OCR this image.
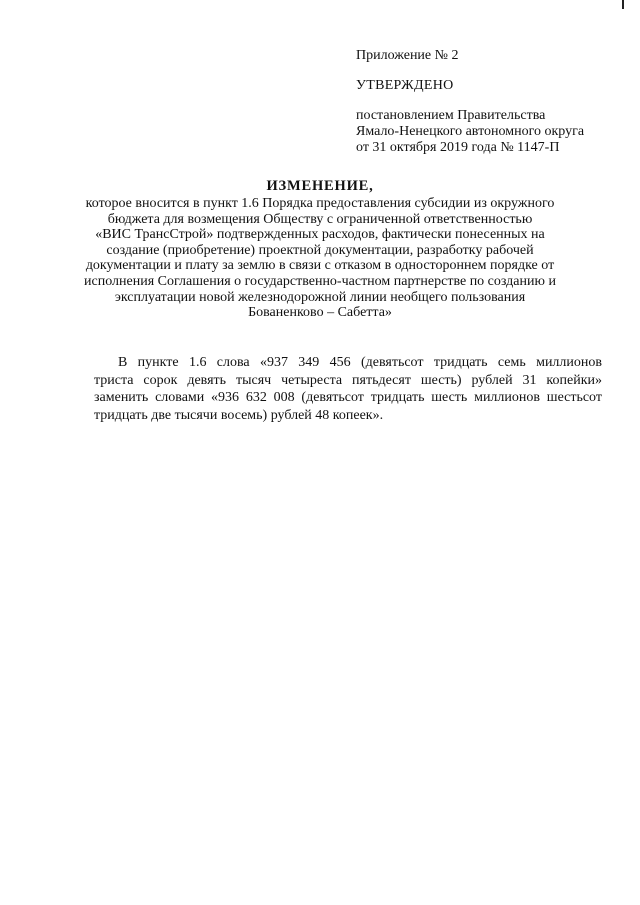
Приложение № 2
УТВЕРЖДЕНО
постановлением Правительства
Ямало-Ненецкого автономного округа
от 31 октября 2019 года № 1147-П
ИЗМЕНЕНИЕ,
которое вносится в пункт 1.6 Порядка предоставления субсидии из окружного
бюджета для возмещения Обществу с ограниченной ответственностью
«ВИС ТрансСтрой» подтвержденных расходов, фактически понесенных на
создание (приобретение) проектной документации, разработку рабочей
документации и плату за землю в связи с отказом в одностороннем порядке от
исполнения Соглашения о государственно-частном партнерстве по созданию и
эксплуатации новой железнодорожной линии необщего пользования
Бованенково – Сабетта»
В пункте 1.6 слова «937 349 456 (девятьсот тридцать семь миллионов
триста сорок девять тысяч четыреста пятьдесят шесть) рублей 31 копейки»
заменить словами «936 632 008 (девятьсот тридцать шесть миллионов шестьсот
тридцать две тысячи восемь) рублей 48 копеек».
